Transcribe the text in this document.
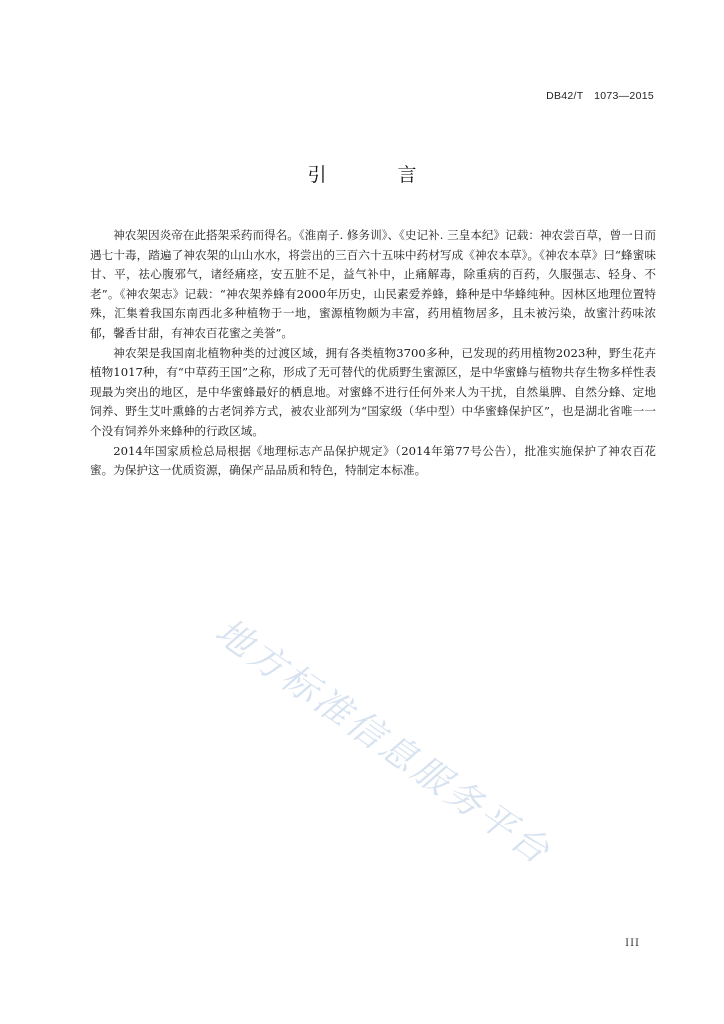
DB42/T　1073—2015
引　言

神农架因炎帝在此搭架采药而得名。《淮南子. 修务训》、《史记补. 三皇本纪》记载：神农尝百草，曾一日而遇七十毒，踏遍了神农架的山山水水，将尝出的三百六十五味中药材写成《神农本草》。《神农本草》曰“蜂蜜味甘、平，祛心腹邪气，诸经痛痉，安五脏不足，益气补中，止痛解毒，除重病的百药，久服强志、轻身、不老”。《神农架志》记载：“神农架养蜂有2000年历史，山民素爱养蜂，蜂种是中华蜂纯种。因林区地理位置特殊，汇集着我国东南西北多种植物于一地，蜜源植物颇为丰富，药用植物居多，且未被污染，故蜜汁药味浓郁，馨香甘甜，有神农百花蜜之美誉”。

神农架是我国南北植物种类的过渡区域，拥有各类植物3700多种，已发现的药用植物2023种，野生花卉植物1017种，有“中草药王国”之称，形成了无可替代的优质野生蜜源区，是中华蜜蜂与植物共存生物多样性表现最为突出的地区，是中华蜜蜂最好的栖息地。对蜜蜂不进行任何外来人为干扰，自然巢脾、自然分蜂、定地饲养、野生艾叶熏蜂的古老饲养方式，被农业部列为“国家级（华中型）中华蜜蜂保护区”，也是湖北省唯一一个没有饲养外来蜂种的行政区域。

2014年国家质检总局根据《地理标志产品保护规定》（2014年第77号公告），批准实施保护了神农百花蜜。为保护这一优质资源，确保产品品质和特色，特制定本标准。

地方标准信息服务平台
III
